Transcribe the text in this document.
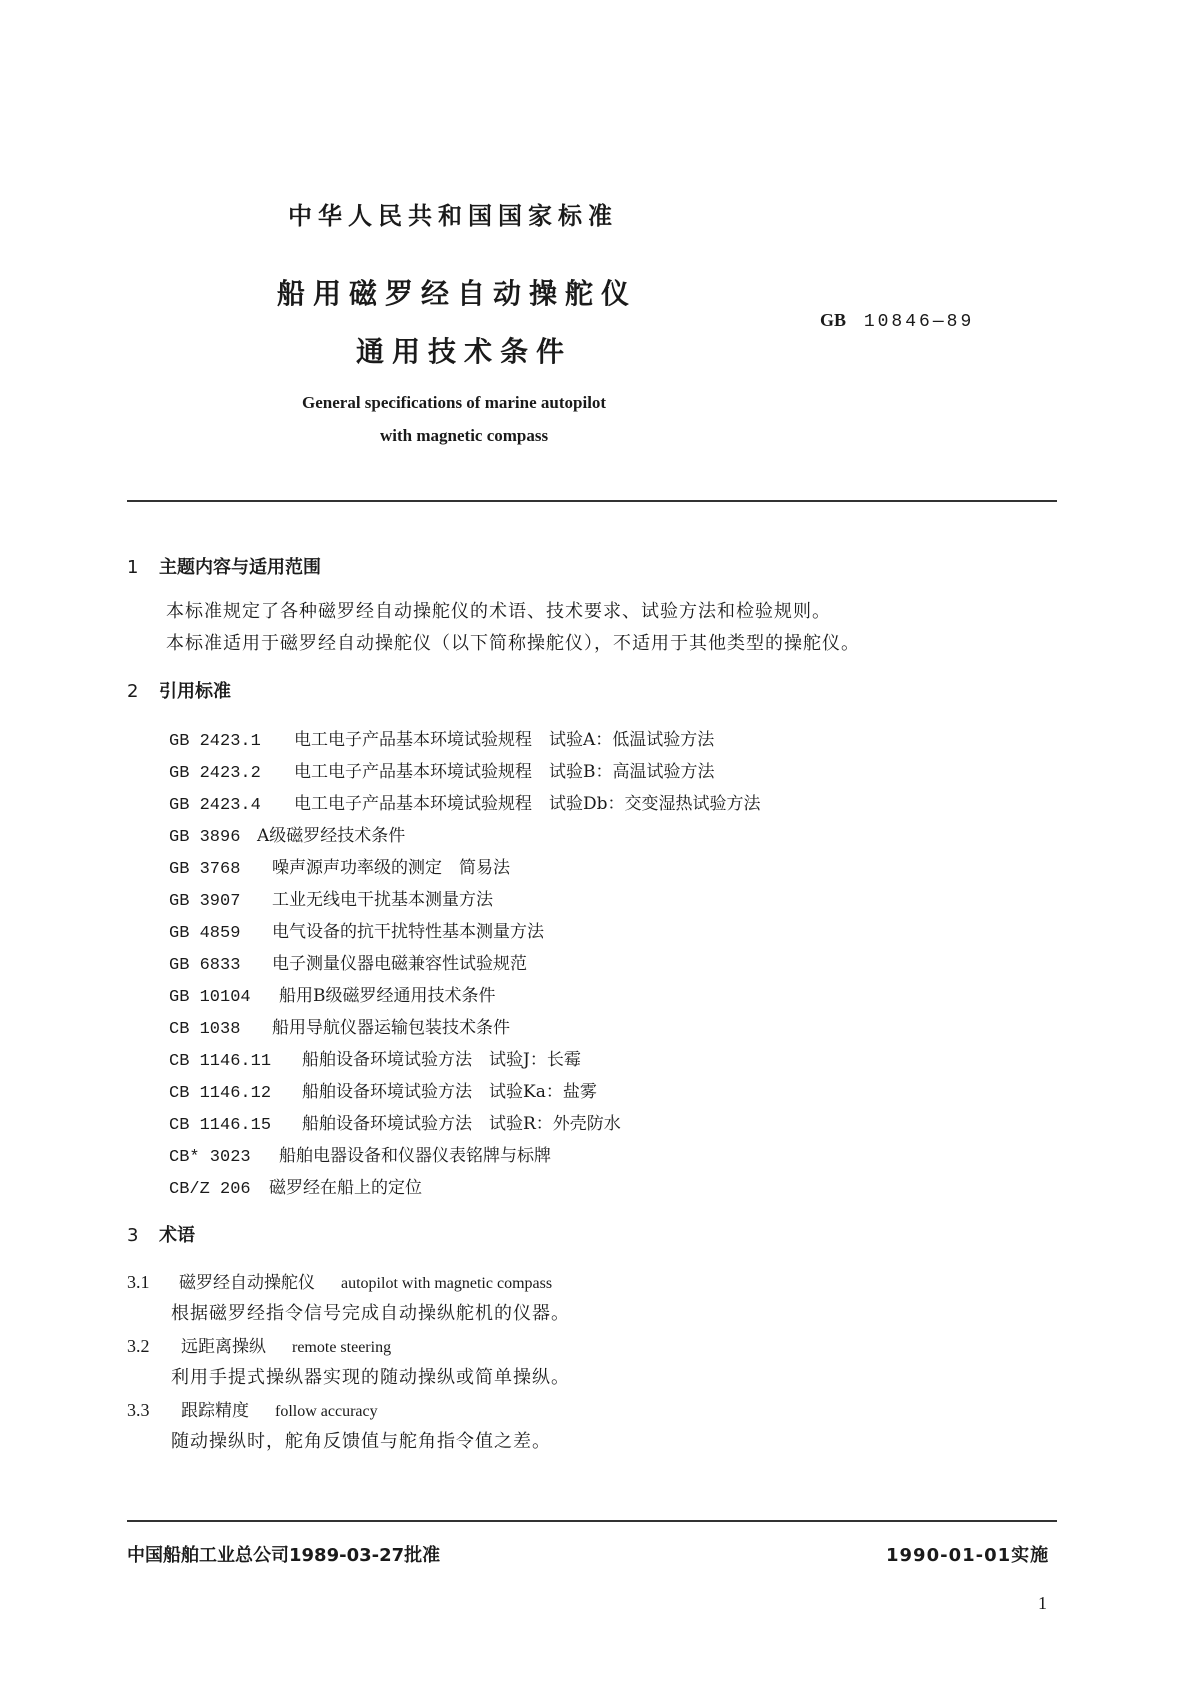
中华人民共和国国家标准
船用磁罗经自动操舵仪
通用技术条件
GB 10846—89
General specifications of marine autopilot
with magnetic compass
1 主题内容与适用范围
本标准规定了各种磁罗经自动操舵仪的术语、技术要求、试验方法和检验规则。
本标准适用于磁罗经自动操舵仪（以下简称操舵仪），不适用于其他类型的操舵仪。
2 引用标准
GB 2423.1 电工电子产品基本环境试验规程　试验A：低温试验方法
GB 2423.2 电工电子产品基本环境试验规程　试验B：高温试验方法
GB 2423.4 电工电子产品基本环境试验规程　试验Db：交变湿热试验方法
GB 3896 A级磁罗经技术条件
GB 3768 噪声源声功率级的测定　简易法
GB 3907 工业无线电干扰基本测量方法
GB 4859 电气设备的抗干扰特性基本测量方法
GB 6833 电子测量仪器电磁兼容性试验规范
GB 10104 船用B级磁罗经通用技术条件
CB 1038 船用导航仪器运输包装技术条件
CB 1146.11 船舶设备环境试验方法　试验J：长霉
CB 1146.12 船舶设备环境试验方法　试验Ka：盐雾
CB 1146.15 船舶设备环境试验方法　试验R：外壳防水
CB* 3023 船舶电器设备和仪器仪表铭牌与标牌
CB/Z 206 磁罗经在船上的定位
3 术语
3.1 磁罗经自动操舵仪 autopilot with magnetic compass
根据磁罗经指令信号完成自动操纵舵机的仪器。
3.2 远距离操纵 remote steering
利用手提式操纵器实现的随动操纵或简单操纵。
3.3 跟踪精度 follow accuracy
随动操纵时，舵角反馈值与舵角指令值之差。
中国船舶工业总公司1989-03-27批准	1990-01-01实施
1
